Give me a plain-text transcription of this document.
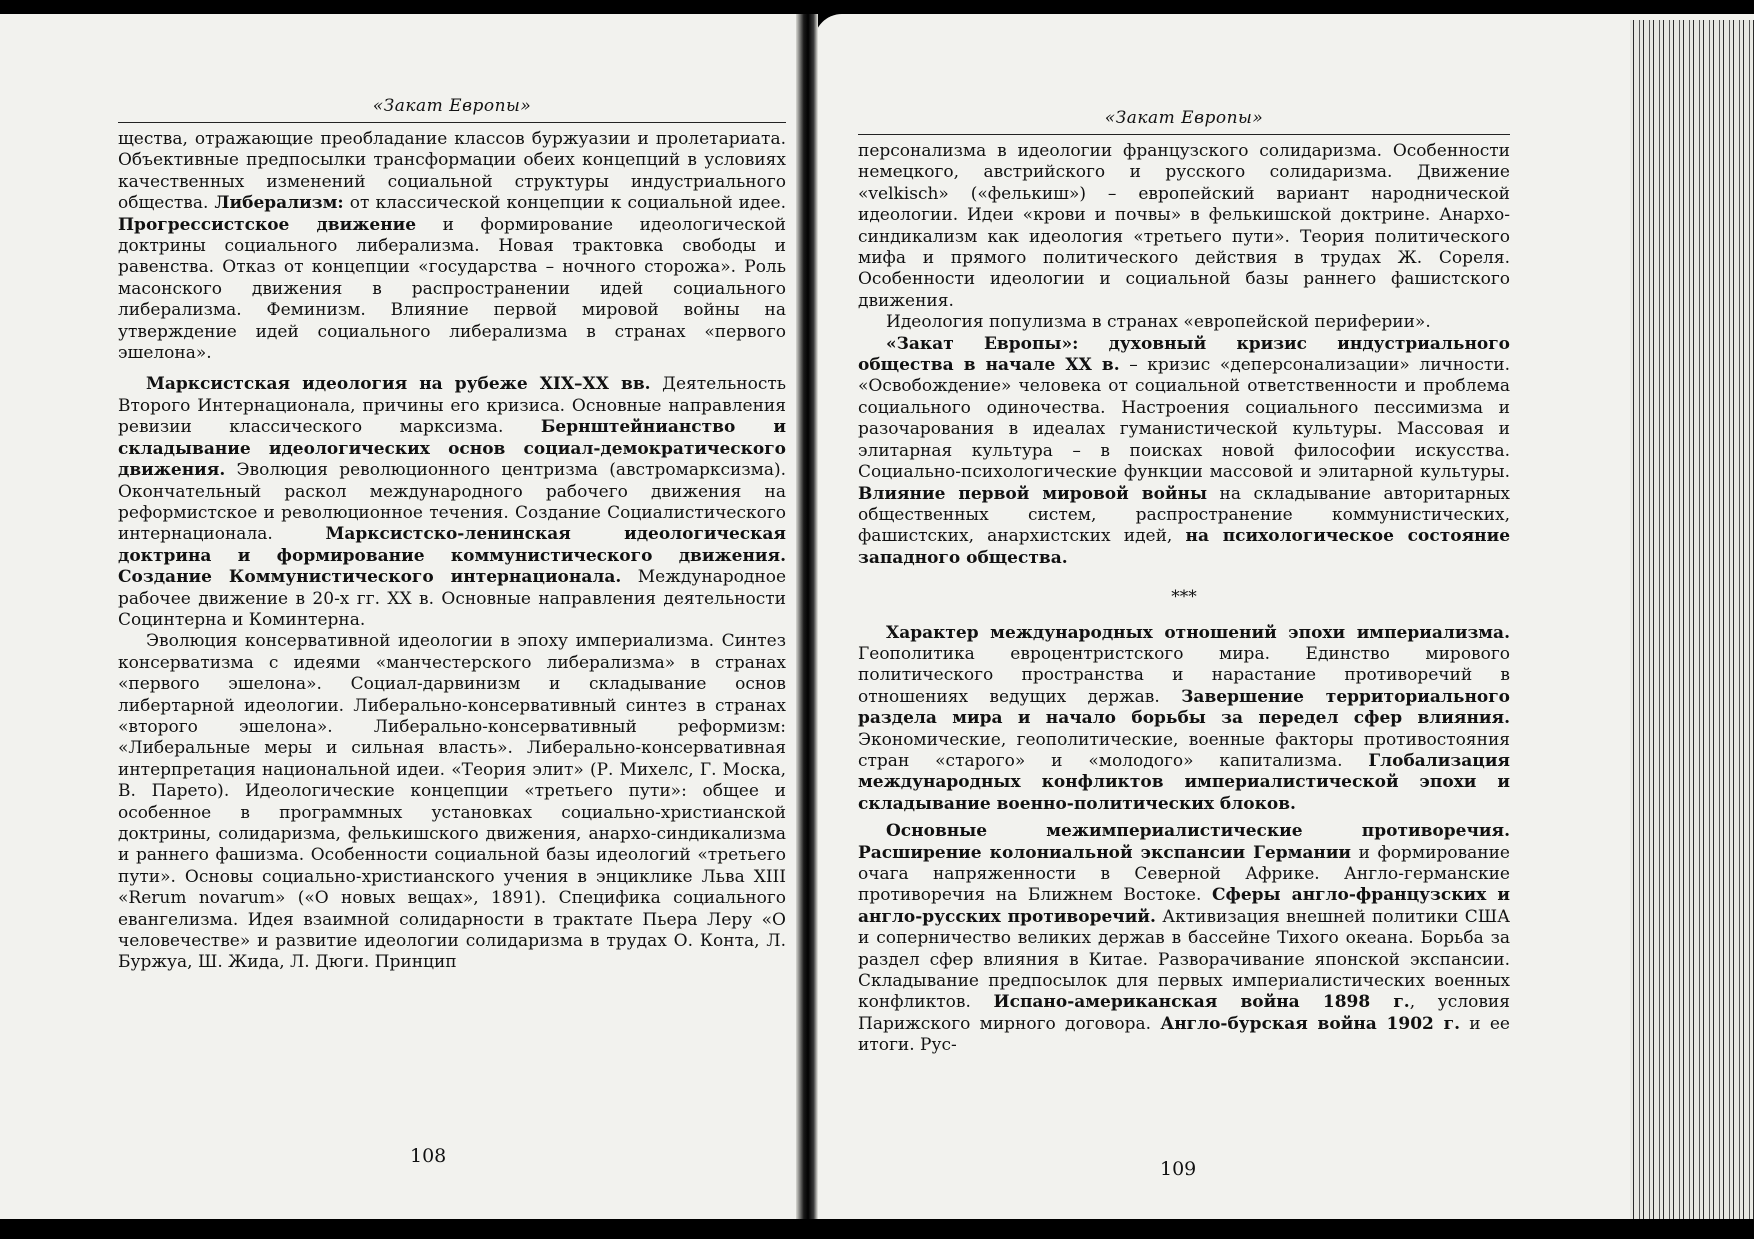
«Закат Европы»

щества, отражающие преобладание классов буржуазии и пролетариата. Объективные предпосылки трансформации обеих концепций в условиях качественных изменений социальной структуры индустриального общества. Либерализм: от классической концепции к социальной идее. Прогрессистское движение и формирование идеологической доктрины социального либерализма. Новая трактовка свободы и равенства. Отказ от концепции «государства – ночного сторожа». Роль масонского движения в распространении идей социального либерализма. Феминизм. Влияние первой мировой войны на утверждение идей социального либерализма в странах «первого эшелона».

Марксистская идеология на рубеже XIX–XX вв. Деятельность Второго Интернационала, причины его кризиса. Основные направления ревизии классического марксизма. Бернштейнианство и складывание идеологических основ социал-демократического движения. Эволюция революционного центризма (австромарксизма). Окончательный раскол международного рабочего движения на реформистское и революционное течения. Создание Социалистического интернационала. Марксистско-ленинская идеологическая доктрина и формирование коммунистического движения. Создание Коммунистического интернационала. Международное рабочее движение в 20-х гг. XX в. Основные направления деятельности Социнтерна и Коминтерна.

Эволюция консервативной идеологии в эпоху империализма. Синтез консерватизма с идеями «манчестерского либерализма» в странах «первого эшелона». Социал-дарвинизм и складывание основ либертарной идеологии. Либерально-консервативный синтез в странах «второго эшелона». Либерально-консервативный реформизм: «Либеральные меры и сильная власть». Либерально-консервативная интерпретация национальной идеи. «Теория элит» (Р. Михелс, Г. Моска, В. Парето). Идеологические концепции «третьего пути»: общее и особенное в программных установках социально-христианской доктрины, солидаризма, фелькишского движения, анархо-синдикализма и раннего фашизма. Особенности социальной базы идеологий «третьего пути». Основы социально-христианского учения в энциклике Льва XIII «Rerum novarum» («О новых вещах», 1891). Специфика социального евангелизма. Идея взаимной солидарности в трактате Пьера Леру «О человечестве» и развитие идеологии солидаризма в трудах О. Конта, Л. Буржуа, Ш. Жида, Л. Дюги. Принцип

«Закат Европы»

персонализма в идеологии французского солидаризма. Особенности немецкого, австрийского и русского солидаризма. Движение «velkisch» («фелькиш») – европейский вариант народнической идеологии. Идеи «крови и почвы» в фелькишской доктрине. Анархо-синдикализм как идеология «третьего пути». Теория политического мифа и прямого политического действия в трудах Ж. Сореля. Особенности идеологии и социальной базы раннего фашистского движения.

Идеология популизма в странах «европейской периферии».

«Закат Европы»: духовный кризис индустриального общества в начале XX в. – кризис «деперсонализации» личности. «Освобождение» человека от социальной ответственности и проблема социального одиночества. Настроения социального пессимизма и разочарования в идеалах гуманистической культуры. Массовая и элитарная культура – в поисках новой философии искусства. Социально-психологические функции массовой и элитарной культуры. Влияние первой мировой войны на складывание авторитарных общественных систем, распространение коммунистических, фашистских, анархистских идей, на психологическое состояние западного общества.

***

Характер международных отношений эпохи империализма. Геополитика евроцентристского мира. Единство мирового политического пространства и нарастание противоречий в отношениях ведущих держав. Завершение территориального раздела мира и начало борьбы за передел сфер влияния. Экономические, геополитические, военные факторы противостояния стран «старого» и «молодого» капитализма. Глобализация международных конфликтов империалистической эпохи и складывание военно-политических блоков.

Основные межимпериалистические противоречия. Расширение колониальной экспансии Германии и формирование очага напряженности в Северной Африке. Англо-германские противоречия на Ближнем Востоке. Сферы англо-французских и англо-русских противоречий. Активизация внешней политики США и соперничество великих держав в бассейне Тихого океана. Борьба за раздел сфер влияния в Китае. Разворачивание японской экспансии. Складывание предпосылок для первых империалистических военных конфликтов. Испано-американская война 1898 г., условия Парижского мирного договора. Англо-бурская война 1902 г. и ее итоги. Рус-

108
109
